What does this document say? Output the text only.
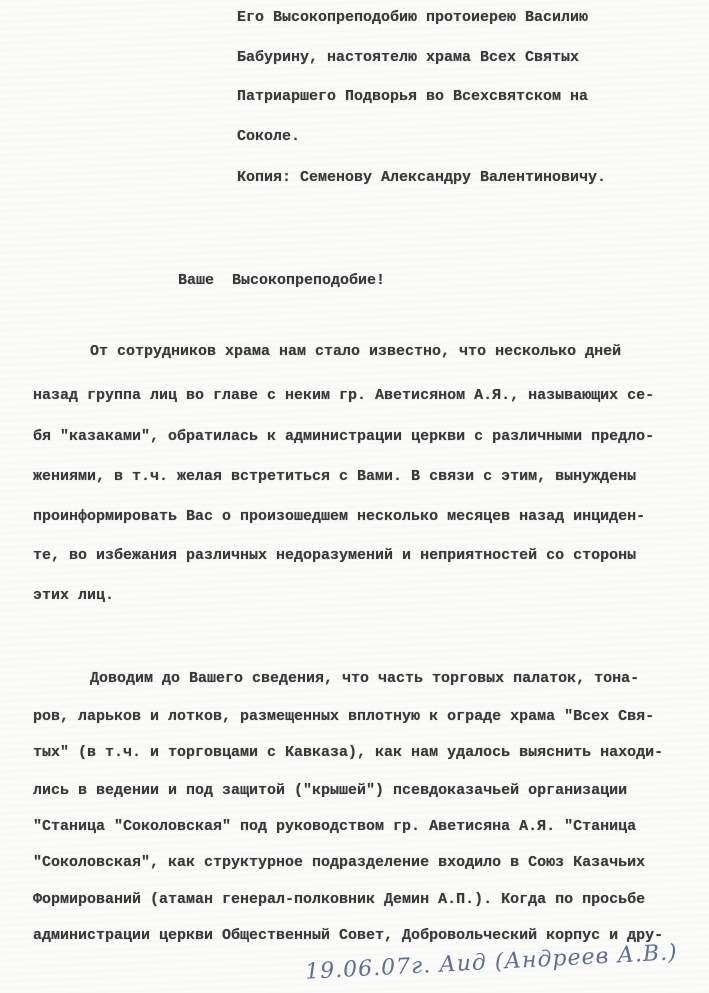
Его Высокопреподобию протоиерею Василию
Бабурину, настоятелю храма Всех Святых
Патриаршего Подворья во Всехсвятском на
Соколе.
Копия: Семенову Александру Валентиновичу.
Ваше  Высокопреподобие!
От сотрудников храма нам стало известно, что несколько дней
назад группа лиц во главе с неким гр. Аветисяном А.Я., называющих се-
бя "казаками", обратилась к администрации церкви с различными предло-
жениями, в т.ч. желая встретиться с Вами. В связи с этим, вынуждены
проинформировать Вас о произошедшем несколько месяцев назад инциден-
те, во избежания различных недоразумений и неприятностей со стороны
этих лиц.
Доводим до Вашего сведения, что часть торговых палаток, тона-
ров, ларьков и лотков, размещенных вплотную к ограде храма "Всех Свя-
тых" (в т.ч. и торговцами с Кавказа), как нам удалось выяснить находи-
лись в ведении и под защитой ("крышей") псевдоказачьей организации
"Станица "Соколовская" под руководством гр. Аветисяна А.Я. "Станица
"Соколовская", как структурное подразделение входило в Союз Казачьих
Формирований (атаман генерал-полковник Демин А.П.). Когда по просьбе
администрации церкви Общественный Совет, Добровольческий корпус и дру-
19.06.07г. Аид (Андреев А.В.)
